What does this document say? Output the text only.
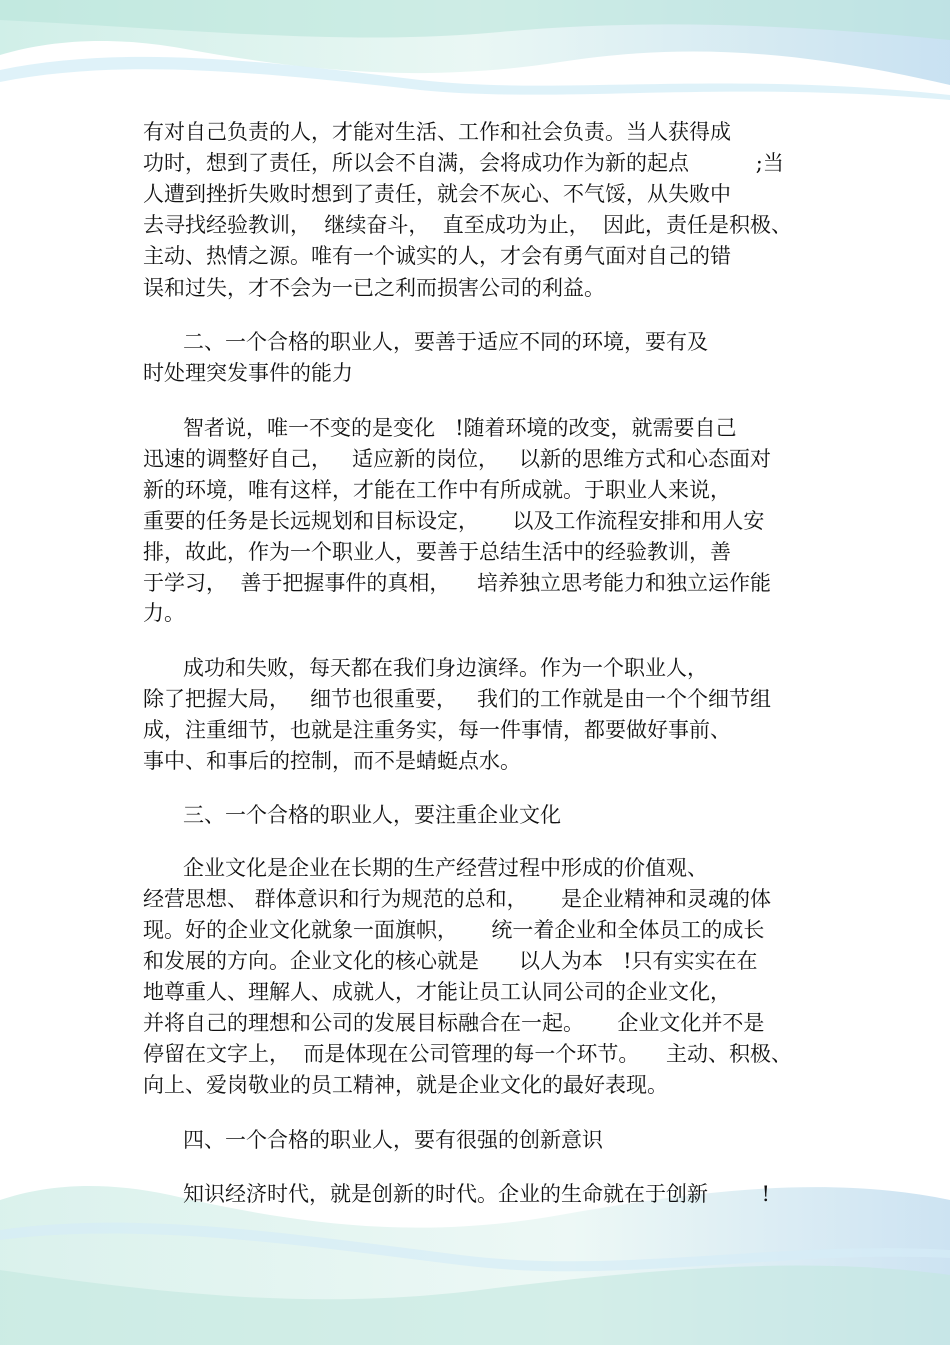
有对自己负责的人，才能对生活、工作和社会负责。当人获得成
功时，想到了责任，所以会不自满，会将成功作为新的起点          ;当
人遭到挫折失败时想到了责任，就会不灰心、不气馁，从失败中
去寻找经验教训，  继续奋斗，  直至成功为止，  因此，责任是积极、
主动、热情之源。唯有一个诚实的人，才会有勇气面对自己的错
误和过失，才不会为一已之利而损害公司的利益。
二、一个合格的职业人，要善于适应不同的环境，要有及
时处理突发事件的能力
智者说，唯一不变的是变化   !随着环境的改变，就需要自己
迅速的调整好自己，   适应新的岗位，   以新的思维方式和心态面对
新的环境，唯有这样，才能在工作中有所成就。于职业人来说，
重要的任务是长远规划和目标设定，     以及工作流程安排和用人安
排，故此，作为一个职业人，要善于总结生活中的经验教训，善
于学习，  善于把握事件的真相，    培养独立思考能力和独立运作能
力。
成功和失败，每天都在我们身边演绎。作为一个职业人，
除了把握大局，   细节也很重要，   我们的工作就是由一个个细节组
成，注重细节，也就是注重务实，每一件事情，都要做好事前、
事中、和事后的控制，而不是蜻蜓点水。
三、一个合格的职业人，要注重企业文化
企业文化是企业在长期的生产经营过程中形成的价值观、
经营思想、 群体意识和行为规范的总和，     是企业精神和灵魂的体
现。好的企业文化就象一面旗帜，     统一着企业和全体员工的成长
和发展的方向。企业文化的核心就是      以人为本   !只有实实在在
地尊重人、理解人、成就人，才能让员工认同公司的企业文化，
并将自己的理想和公司的发展目标融合在一起。     企业文化并不是
停留在文字上，  而是体现在公司管理的每一个环节。    主动、积极、
向上、爱岗敬业的员工精神，就是企业文化的最好表现。
四、一个合格的职业人，要有很强的创新意识
知识经济时代，就是创新的时代。企业的生命就在于创新        !
